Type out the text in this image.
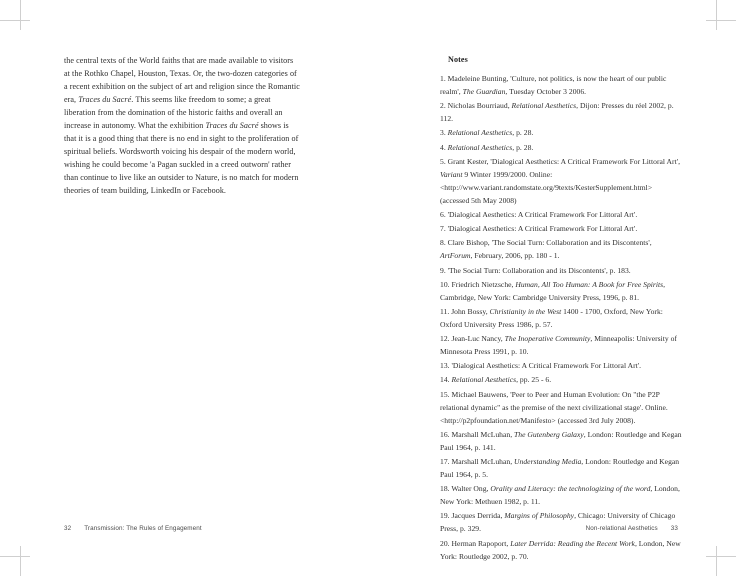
the central texts of the World faiths that are made available to visitors at the Rothko Chapel, Houston, Texas. Or, the two-dozen categories of a recent exhibition on the subject of art and religion since the Romantic era, Traces du Sacré. This seems like freedom to some; a great liberation from the domination of the historic faiths and overall an increase in autonomy. What the exhibition Traces du Sacré shows is that it is a good thing that there is no end in sight to the proliferation of spiritual beliefs. Wordsworth voicing his despair of the modern world, wishing he could become 'a Pagan suckled in a creed outworn' rather than continue to live like an outsider to Nature, is no match for modern theories of team building, LinkedIn or Facebook.

32 Transmission: The Rules of Engagement
Notes
1. Madeleine Bunting, 'Culture, not politics, is now the heart of our public realm', The Guardian, Tuesday October 3 2006.
2. Nicholas Bourriaud, Relational Aesthetics, Dijon: Presses du réel 2002, p. 112.
3. Relational Aesthetics, p. 28.
4. Relational Aesthetics, p. 28.
5. Grant Kester, 'Dialogical Aesthetics: A Critical Framework For Littoral Art', Variant 9 Winter 1999/2000. Online: <http://www.variant.randomstate.org/9texts/KesterSupplement.html> (accessed 5th May 2008)
6. 'Dialogical Aesthetics: A Critical Framework For Littoral Art'.
7. 'Dialogical Aesthetics: A Critical Framework For Littoral Art'.
8. Clare Bishop, 'The Social Turn: Collaboration and its Discontents', ArtForum, February, 2006, pp. 180 - 1.
9. 'The Social Turn: Collaboration and its Discontents', p. 183.
10. Friedrich Nietzsche, Human, All Too Human: A Book for Free Spirits, Cambridge, New York: Cambridge University Press, 1996, p. 81.
11. John Bossy, Christianity in the West 1400 - 1700, Oxford, New York: Oxford University Press 1986, p. 57.
12. Jean-Luc Nancy, The Inoperative Community, Minneapolis: University of Minnesota Press 1991, p. 10.
13. 'Dialogical Aesthetics: A Critical Framework For Littoral Art'.
14. Relational Aesthetics, pp. 25 - 6.
15. Michael Bauwens, 'Peer to Peer and Human Evolution: On "the P2P relational dynamic" as the premise of the next civilizational stage'. Online. <http://p2pfoundation.net/Manifesto> (accessed 3rd July 2008).
16. Marshall McLuhan, The Gutenberg Galaxy, London: Routledge and Kegan Paul 1964, p. 141.
17. Marshall McLuhan, Understanding Media, London: Routledge and Kegan Paul 1964, p. 5.
18. Walter Ong, Orality and Literacy: the technologizing of the word, London, New York: Methuen 1982, p. 11.
19. Jacques Derrida, Margins of Philosophy, Chicago: University of Chicago Press, p. 329.
20. Herman Rapoport, Later Derrida: Reading the Recent Work, London, New York: Routledge 2002, p. 70.
Non-relational Aesthetics 33
